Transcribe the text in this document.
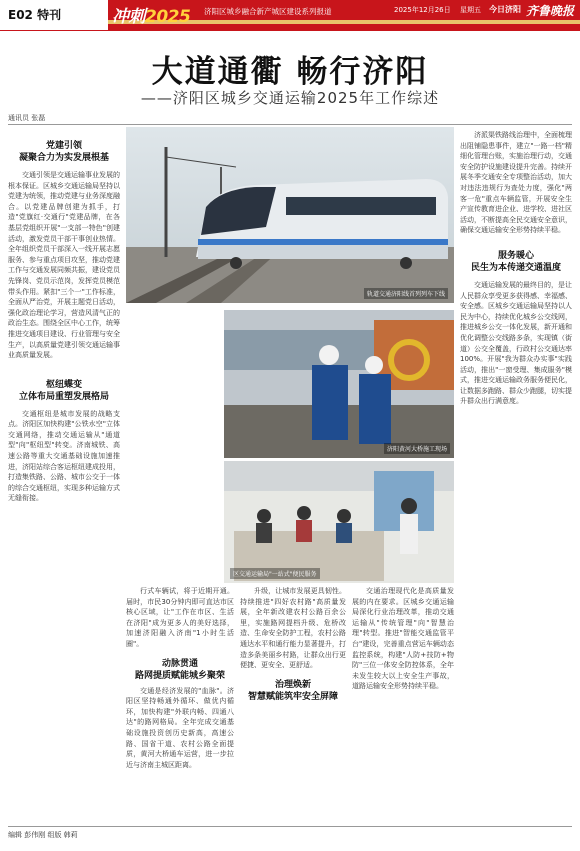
E02 特刊	冲刺2025 济阳区城乡融合新产城区建设系列报道	2025年12月26日 星期五 今日济阳 齐鲁晚报
大道通衢 畅行济阳
——济阳区城乡交通运输2025年工作综述
通讯员 张磊
轨道交通济阳线首列列车下线
济阳黄河大桥施工现场
区交通运输局"一站式"便民服务
党建引领
凝聚合力为实发展根基

交通引领是交通运输事业发展的根本保证。区城乡交通运输局坚持以党建为统领，推动党建与业务深度融合。以党建品牌创建为抓手，打造"党旗红·交通行"党建品牌，在各基层党组织开展"一支部一特色"创建活动，激发党员干部干事创业热情。全年组织党员干部深入一线开展志愿服务、参与重点项目攻坚，推动党建工作与交通发展同频共振，建设党员先锋岗、党员示范岗，发挥党员模范带头作用。紧扣"三个一"工作标准，全面从严治党，开展主题党日活动，强化政治理论学习，营造风清气正的政治生态。围绕全区中心工作，统筹推进交通项目建设、行业管理与安全生产，以高质量党建引领交通运输事业高质量发展。

枢纽蝶变
立体布局重塑发展格局

交通枢纽是城市发展的战略支点。济阳区加快构建"公铁水空"立体交通网络，推动交通运输从"通道型"向"枢纽型"转变。济南城铁、高速公路等重大交通基础设施加速推进，济阳站综合客运枢纽建成投用，打造集铁路、公路、城市公交于一体的综合交通枢纽，实现多种运输方式无缝衔接。

行式车辆试，将于近期开通。届时，市民30分钟内即可直达市区核心区域，让"工作在市区、生活在济阳"成为更多人的美好选择，加速济阳融入济南"1小时生活圈"。

动脉贯通
路网提质赋能城乡聚荣

交通是经济发展的"血脉"。济阳区坚持畅通外循环、做优内循环，加快构建"外联内畅、四通八达"的路网格局。全年完成交通基础设施投资创历史新高，高速公路、国省干道、农村公路全面提质，黄河大桥通车运营，进一步拉近与济南主城区距离。

升级，让城市发展更具韧性。持续推进"四好农村路"高质量发展，全年新改建农村公路百余公里，实施路网提档升级、危桥改造、生命安全防护工程，农村公路通达水平和通行能力显著提升，打造多条美丽乡村路，让群众出行更便捷、更安全、更舒适。

治理焕新
智慧赋能筑牢安全屏障

交通治理现代化是高质量发展的内在要求。区城乡交通运输局深化行业治理改革，推动交通运输从"传统管理"向"智慧治理"转型。推进"智能交通监管平台"建设，完善重点营运车辆动态监控系统，构建"人防+技防+物防"三位一体安全防控体系，全年未发生较大以上安全生产事故，道路运输安全形势持续平稳。

济派渠铁路线治理中，全面梳理出阻铺隐患事件，建立"一路一档"精细化管理台账，实施治理行动，交通安全防护设施建设提升完善。持续开展冬季交通安全专项整治活动，加大对违法违规行为查处力度，强化"两客一危"重点车辆监管，开展安全生产宣传教育进企业、进学校、进社区活动，不断提高全民交通安全意识，确保交通运输安全形势持续平稳。

服务暖心
民生为本传递交通温度

交通运输发展的最终目的，是让人民群众享受更多获得感、幸福感、安全感。区城乡交通运输局坚持以人民为中心，持续优化城乡公交线网，推进城乡公交一体化发展，新开通和优化调整公交线路多条，实现镇（街道）公交全覆盖，行政村公交通达率100%。开展"我为群众办实事"实践活动，推出"一窗受理、集成服务"模式，推进交通运输政务服务便民化，让数据多跑路、群众少跑腿，切实提升群众出行满意度。

编辑 彭伟刚 组版 韩莉
